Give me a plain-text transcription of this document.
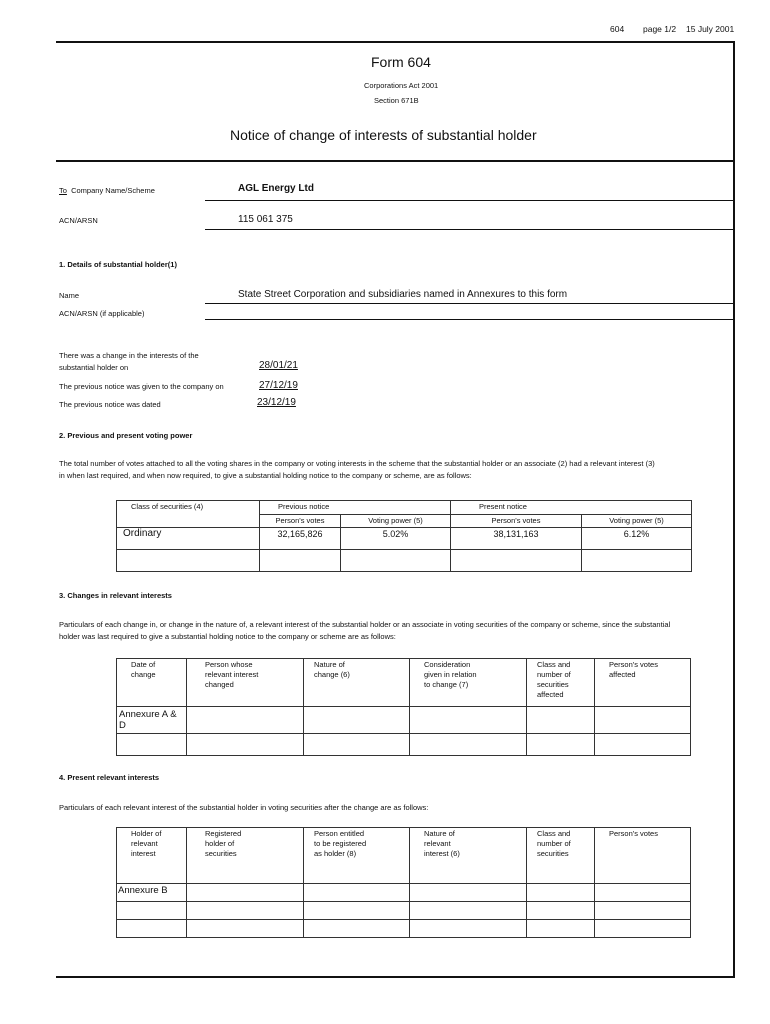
604 page 1/2 15 July 2001
Form 604
Corporations Act 2001
Section 671B
Notice of change of interests of substantial holder
To Company Name/Scheme	AGL Energy Ltd
ACN/ARSN	115 061 375
1. Details of substantial holder(1)
Name	State Street Corporation and subsidiaries named in Annexures to this form
ACN/ARSN (if applicable)
There was a change in the interests of the
substantial holder on	28/01/21
The previous notice was given to the company on	27/12/19
The previous notice was dated	23/12/19
2. Previous and present voting power
The total number of votes attached to all the voting shares in the company or voting interests in the scheme that the substantial holder or an associate (2) had a relevant interest (3)
in when last required, and when now required, to give a substantial holding notice to the company or scheme, are as follows:
Class of securities (4)	Previous notice		Present notice	
	Person's votes	Voting power (5)	Person's votes	Voting power (5)
Ordinary	32,165,826	5.02%	38,131,163	6.12%

3. Changes in relevant interests
Particulars of each change in, or change in the nature of, a relevant interest of the substantial holder or an associate in voting securities of the company or scheme, since the substantial
holder was last required to give a substantial holding notice to the company or scheme are as follows:
Date of
change	Person whose
relevant interest
changed	Nature of
change (6)	Consideration
given in relation
to change (7)	Class and
number of
securities
affected	Person's votes
affected
Annexure A & D					

4. Present relevant interests
Particulars of each relevant interest of the substantial holder in voting securities after the change are as follows:
Holder of
relevant
interest	Registered
holder of
securities	Person entitled
to be registered
as holder (8)	Nature of
relevant
interest (6)	Class and
number of
securities	Person's votes
Annexure B					
